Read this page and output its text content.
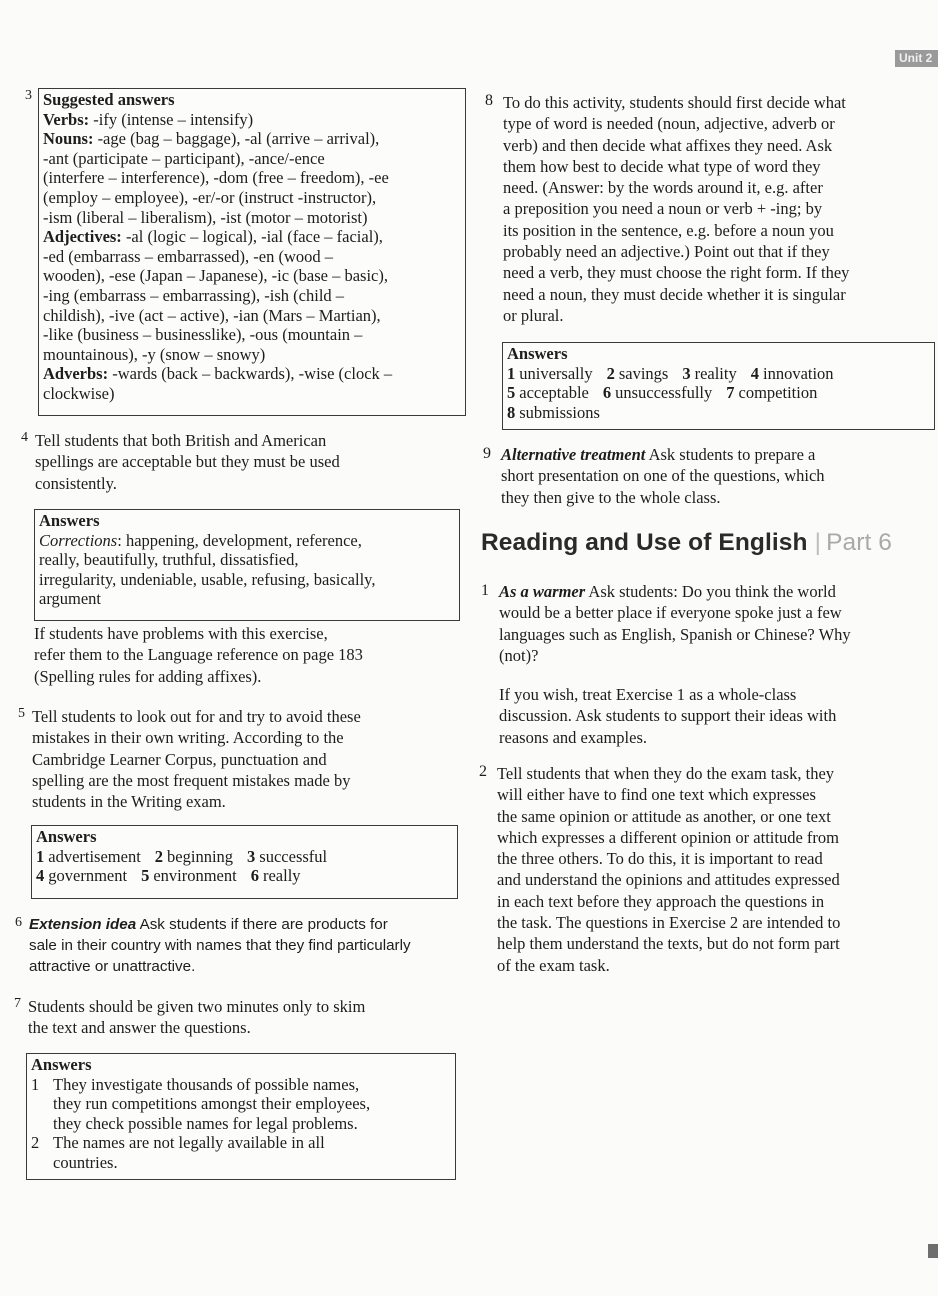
Unit 2
3 Suggested answers
Verbs: -ify (intense – intensify)
Nouns: -age (bag – baggage), -al (arrive – arrival),
-ant (participate – participant), -ance/-ence
(interfere – interference), -dom (free – freedom), -ee
(employ – employee), -er/-or (instruct -instructor),
-ism (liberal – liberalism), -ist (motor – motorist)
Adjectives: -al (logic – logical), -ial (face – facial),
-ed (embarrass – embarrassed), -en (wood –
wooden), -ese (Japan – Japanese), -ic (base – basic),
-ing (embarrass – embarrassing), -ish (child –
childish), -ive (act – active), -ian (Mars – Martian),
-like (business – businesslike), -ous (mountain –
mountainous), -y (snow – snowy)
Adverbs: -wards (back – backwards), -wise (clock –
clockwise)
4 Tell students that both British and American

spellings are acceptable but they must be used

consistently.

Answers
Corrections: happening, development, reference,
really, beautifully, truthful, dissatisfied,
irregularity, undeniable, usable, refusing, basically,
argument

If students have problems with this exercise,

refer them to the Language reference on page 183

(Spelling rules for adding affixes).

5 Tell students to look out for and try to avoid these

mistakes in their own writing. According to the

Cambridge Learner Corpus, punctuation and

spelling are the most frequent mistakes made by

students in the Writing exam.

Answers
1 advertisement 2 beginning 3 successful
4 government 5 environment 6 really
6 Extension idea Ask students if there are products for

sale in their country with names that they find particularly

attractive or unattractive.

7 Students should be given two minutes only to skim

the text and answer the questions.

Answers
1 They investigate thousands of possible names,
they run competitions amongst their employees,
they check possible names for legal problems.
2 The names are not legally available in all
countries.
8 To do this activity, students should first decide what

type of word is needed (noun, adjective, adverb or

verb) and then decide what affixes they need. Ask

them how best to decide what type of word they

need. (Answer: by the words around it, e.g. after

a preposition you need a noun or verb + -ing; by

its position in the sentence, e.g. before a noun you

probably need an adjective.) Point out that if they

need a verb, they must choose the right form. If they

need a noun, they must decide whether it is singular

or plural.

Answers
1 universally 2 savings 3 reality 4 innovation
5 acceptable 6 unsuccessfully 7 competition
8 submissions
9 Alternative treatment Ask students to prepare a

short presentation on one of the questions, which

they then give to the whole class.

Reading and Use of English | Part 6
1 As a warmer Ask students: Do you think the world

would be a better place if everyone spoke just a few

languages such as English, Spanish or Chinese? Why

(not)?

If you wish, treat Exercise 1 as a whole-class

discussion. Ask students to support their ideas with

reasons and examples.

2 Tell students that when they do the exam task, they

will either have to find one text which expresses

the same opinion or attitude as another, or one text

which expresses a different opinion or attitude from

the three others. To do this, it is important to read

and understand the opinions and attitudes expressed

in each text before they approach the questions in

the task. The questions in Exercise 2 are intended to

help them understand the texts, but do not form part

of the exam task.
